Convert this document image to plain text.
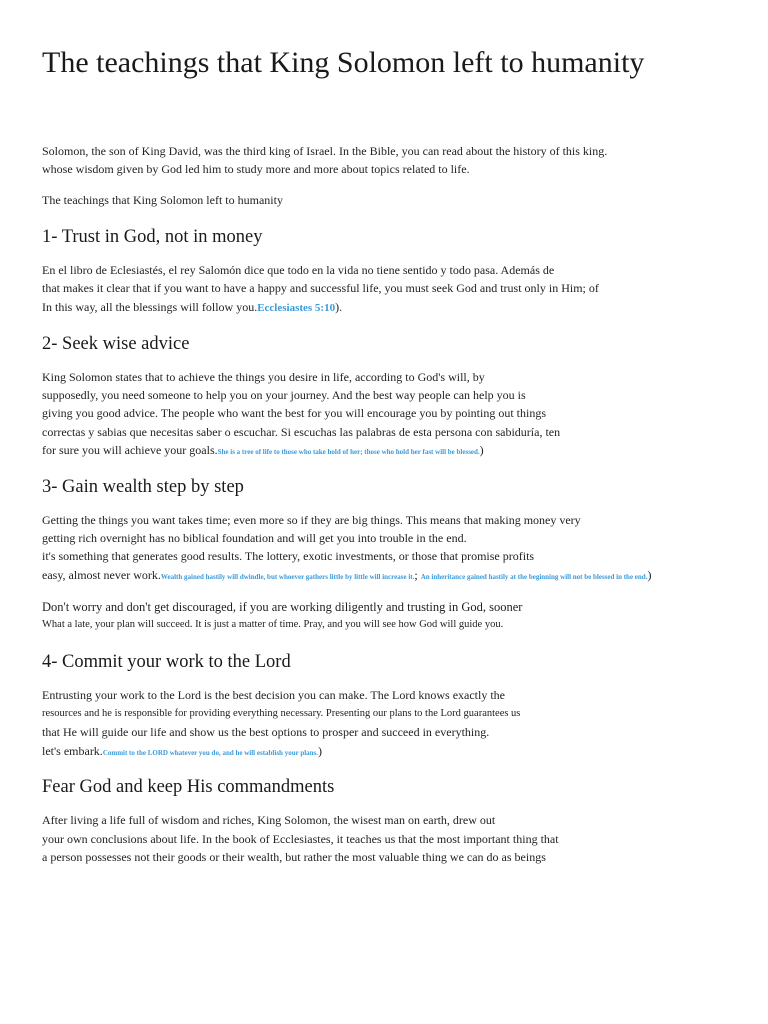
The teachings that King Solomon left to humanity

Solomon, the son of King David, was the third king of Israel. In the Bible, you can read about the history of this king.

whose wisdom given by God led him to study more and more about topics related to life.

The teachings that King Solomon left to humanity

1- Trust in God, not in money

En el libro de Eclesiastés, el rey Salomón dice que todo en la vida no tiene sentido y todo pasa. Además de

that makes it clear that if you want to have a happy and successful life, you must seek God and trust only in Him; of

In this way, all the blessings will follow you.Ecclesiastes 5:10).

2- Seek wise advice

King Solomon states that to achieve the things you desire in life, according to God's will, by

supposedly, you need someone to help you on your journey. And the best way people can help you is

giving you good advice. The people who want the best for you will encourage you by pointing out things

correctas y sabias que necesitas saber o escuchar. Si escuchas las palabras de esta persona con sabiduría, ten

for sure you will achieve your goals.She is a tree of life to those who take hold of her; those who hold her fast will be blessed.)

3- Gain wealth step by step

Getting the things you want takes time; even more so if they are big things. This means that making money very

getting rich overnight has no biblical foundation and will get you into trouble in the end.

it's something that generates good results. The lottery, exotic investments, or those that promise profits

easy, almost never work.Wealth gained hastily will dwindle, but whoever gathers little by little will increase it.; An inheritance gained hastily at the beginning will not be blessed in the end.)

Don't worry and don't get discouraged, if you are working diligently and trusting in God, sooner

What a late, your plan will succeed. It is just a matter of time. Pray, and you will see how God will guide you.

4- Commit your work to the Lord

Entrusting your work to the Lord is the best decision you can make. The Lord knows exactly the

resources and he is responsible for providing everything necessary. Presenting our plans to the Lord guarantees us

that He will guide our life and show us the best options to prosper and succeed in everything.

let's embark.Commit to the LORD whatever you do, and he will establish your plans.)

Fear God and keep His commandments

After living a life full of wisdom and riches, King Solomon, the wisest man on earth, drew out

your own conclusions about life. In the book of Ecclesiastes, it teaches us that the most important thing that

a person possesses not their goods or their wealth, but rather the most valuable thing we can do as beings
